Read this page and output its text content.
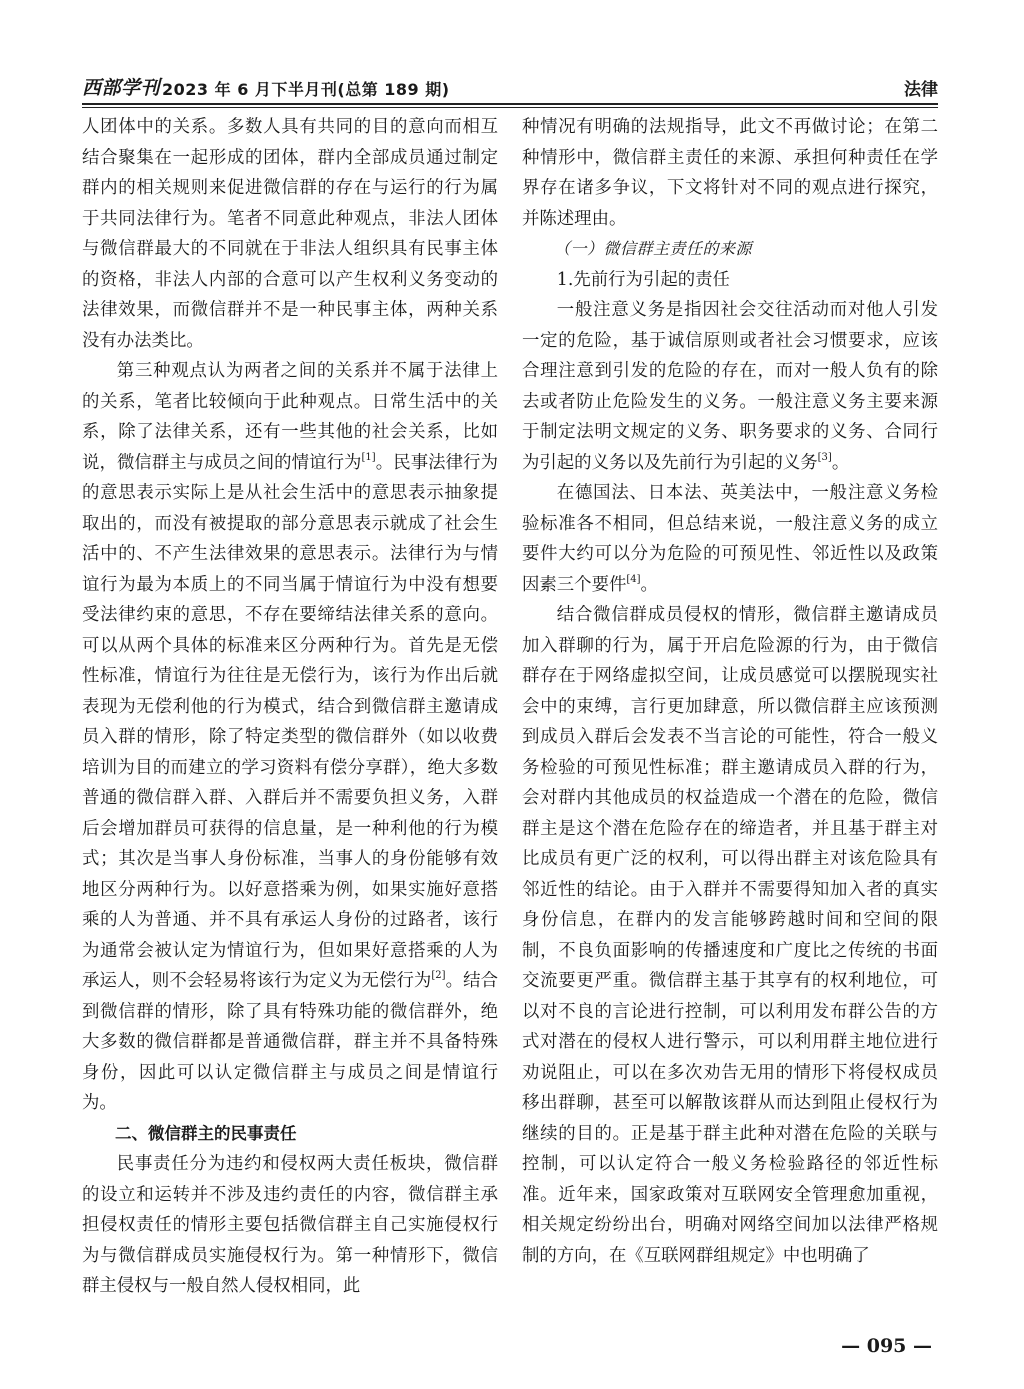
西部学刊 2023 年 6 月下半月刊(总第 189 期)	法律

人团体中的关系。多数人具有共同的目的意向而相互结合聚集在一起形成的团体，群内全部成员通过制定群内的相关规则来促进微信群的存在与运行的行为属于共同法律行为。笔者不同意此种观点，非法人团体与微信群最大的不同就在于非法人组织具有民事主体的资格，非法人内部的合意可以产生权利义务变动的法律效果，而微信群并不是一种民事主体，两种关系没有办法类比。

第三种观点认为两者之间的关系并不属于法律上的关系，笔者比较倾向于此种观点。日常生活中的关系，除了法律关系，还有一些其他的社会关系，比如说，微信群主与成员之间的情谊行为[1]。民事法律行为的意思表示实际上是从社会生活中的意思表示抽象提取出的，而没有被提取的部分意思表示就成了社会生活中的、不产生法律效果的意思表示。法律行为与情谊行为最为本质上的不同当属于情谊行为中没有想要受法律约束的意思，不存在要缔结法律关系的意向。可以从两个具体的标准来区分两种行为。首先是无偿性标准，情谊行为往往是无偿行为，该行为作出后就表现为无偿利他的行为模式，结合到微信群主邀请成员入群的情形，除了特定类型的微信群外（如以收费培训为目的而建立的学习资料有偿分享群），绝大多数普通的微信群入群、入群后并不需要负担义务，入群后会增加群员可获得的信息量，是一种利他的行为模式；其次是当事人身份标准，当事人的身份能够有效地区分两种行为。以好意搭乘为例，如果实施好意搭乘的人为普通、并不具有承运人身份的过路者，该行为通常会被认定为情谊行为，但如果好意搭乘的人为承运人，则不会轻易将该行为定义为无偿行为[2]。结合到微信群的情形，除了具有特殊功能的微信群外，绝大多数的微信群都是普通微信群，群主并不具备特殊身份，因此可以认定微信群主与成员之间是情谊行为。

二、微信群主的民事责任

民事责任分为违约和侵权两大责任板块，微信群的设立和运转并不涉及违约责任的内容，微信群主承担侵权责任的情形主要包括微信群主自己实施侵权行为与微信群成员实施侵权行为。第一种情形下，微信群主侵权与一般自然人侵权相同，此

种情况有明确的法规指导，此文不再做讨论；在第二种情形中，微信群主责任的来源、承担何种责任在学界存在诸多争议，下文将针对不同的观点进行探究，并陈述理由。

（一）微信群主责任的来源

1.先前行为引起的责任

一般注意义务是指因社会交往活动而对他人引发一定的危险，基于诚信原则或者社会习惯要求，应该合理注意到引发的危险的存在，而对一般人负有的除去或者防止危险发生的义务。一般注意义务主要来源于制定法明文规定的义务、职务要求的义务、合同行为引起的义务以及先前行为引起的义务[3]。

在德国法、日本法、英美法中，一般注意义务检验标准各不相同，但总结来说，一般注意义务的成立要件大约可以分为危险的可预见性、邻近性以及政策因素三个要件[4]。

结合微信群成员侵权的情形，微信群主邀请成员加入群聊的行为，属于开启危险源的行为，由于微信群存在于网络虚拟空间，让成员感觉可以摆脱现实社会中的束缚，言行更加肆意，所以微信群主应该预测到成员入群后会发表不当言论的可能性，符合一般义务检验的可预见性标准；群主邀请成员入群的行为，会对群内其他成员的权益造成一个潜在的危险，微信群主是这个潜在危险存在的缔造者，并且基于群主对比成员有更广泛的权利，可以得出群主对该危险具有邻近性的结论。由于入群并不需要得知加入者的真实身份信息，在群内的发言能够跨越时间和空间的限制，不良负面影响的传播速度和广度比之传统的书面交流要更严重。微信群主基于其享有的权利地位，可以对不良的言论进行控制，可以利用发布群公告的方式对潜在的侵权人进行警示，可以利用群主地位进行劝说阻止，可以在多次劝告无用的情形下将侵权成员移出群聊，甚至可以解散该群从而达到阻止侵权行为继续的目的。正是基于群主此种对潜在危险的关联与控制，可以认定符合一般义务检验路径的邻近性标准。近年来，国家政策对互联网安全管理愈加重视，相关规定纷纷出台，明确对网络空间加以法律严格规制的方向，在《互联网群组规定》中也明确了

— 095 —
